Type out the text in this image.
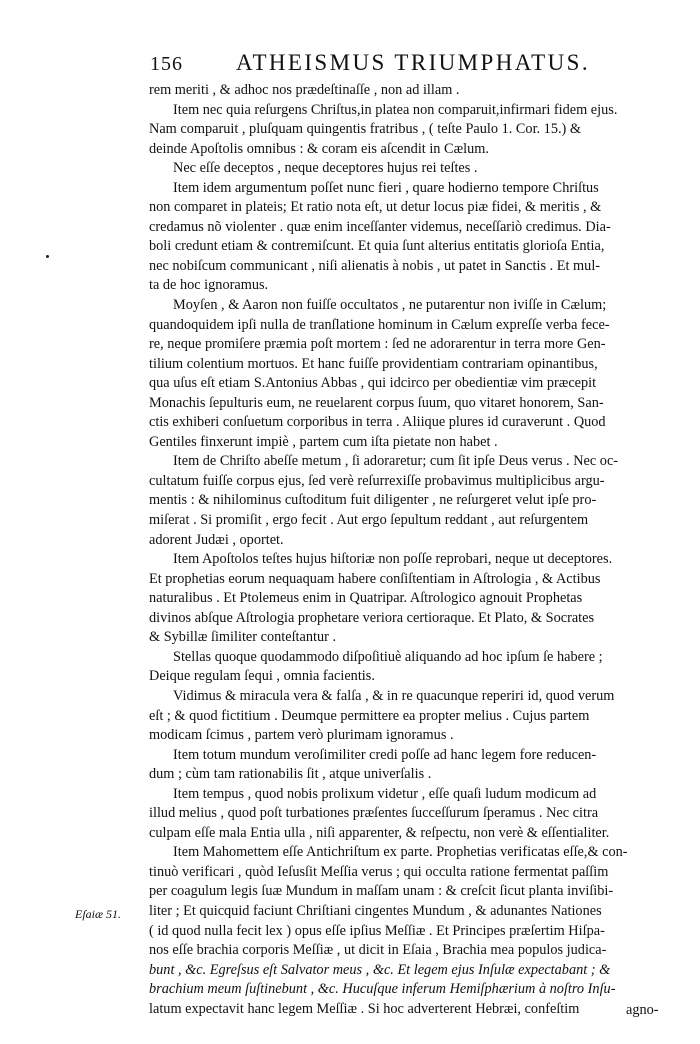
156 ATHEISMUS TRIUMPHATUS.
rem meriti , & adhoc nos prædeſtinaſſe , non ad illam .
Item nec quia reſurgens Chriſtus,in platea non comparuit,infirmari fidem ejus.
Nam comparuit , pluſquam quingentis fratribus , ( teſte Paulo 1. Cor. 15.) &
deinde Apoſtolis omnibus : & coram eis aſcendit in Cælum.
Nec eſſe deceptos , neque deceptores hujus rei teſtes .
Item idem argumentum poſſet nunc fieri , quare hodierno tempore Chriſtus
non comparet in plateis; Et ratio nota eſt, ut detur locus piæ fidei, & meritis , &
credamus nõ violenter . quæ enim inceſſanter videmus, neceſſariò credimus. Dia-
boli credunt etiam & contremiſcunt. Et quia ſunt alterius entitatis glorioſa Entia,
nec nobiſcum communicant , niſi alienatis à nobis , ut patet in Sanctis . Et mul-
ta de hoc ignoramus.
Moyſen , & Aaron non fuiſſe occultatos , ne putarentur non iviſſe in Cælum;
quandoquidem ipſi nulla de tranſlatione hominum in Cælum expreſſe verba fece-
re, neque promiſere præmia poſt mortem : ſed ne adorarentur in terra more Gen-
tilium colentium mortuos. Et hanc fuiſſe providentiam contrariam opinantibus,
qua uſus eſt etiam S.Antonius Abbas , qui idcirco per obedientiæ vim præcepit
Monachis ſepulturis eum, ne reuelarent corpus ſuum, quo vitaret honorem, San-
ctis exhiberi conſuetum corporibus in terra . Aliique plures id curaverunt . Quod
Gentiles finxerunt impiè , partem cum iſta pietate non habet .
Item de Chriſto abeſſe metum , ſi adoraretur; cum ſit ipſe Deus verus . Nec oc-
cultatum fuiſſe corpus ejus, ſed verè reſurrexiſſe probavimus multiplicibus argu-
mentis : & nihilominus cuſtoditum fuit diligenter , ne reſurgeret velut ipſe pro-
miſerat . Si promiſit , ergo fecit . Aut ergo ſepultum reddant , aut reſurgentem
adorent Judæi , oportet.
Item Apoſtolos teſtes hujus hiſtoriæ non poſſe reprobari, neque ut deceptores.
Et prophetias eorum nequaquam habere conſiſtentiam in Aſtrologia , & Actibus
naturalibus . Et Ptolemeus enim in Quatripar. Aſtrologico agnouit Prophetas
divinos abſque Aſtrologia prophetare veriora certioraque. Et Plato, & Socrates
& Sybillæ ſimiliter conteſtantur .
Stellas quoque quodammodo diſpoſitiuè aliquando ad hoc ipſum ſe habere ;
Deique regulam ſequi , omnia facientis.
Vidimus & miracula vera & falſa , & in re quacunque reperiri id, quod verum
eſt ; & quod fictitium . Deumque permittere ea propter melius . Cujus partem
modicam ſcimus , partem verò plurimam ignoramus .
Item totum mundum veroſimiliter credi poſſe ad hanc legem fore reducen-
dum ; cùm tam rationabilis ſit , atque univerſalis .
Item tempus , quod nobis prolixum videtur , eſſe quaſi ludum modicum ad
illud melius , quod poſt turbationes præſentes ſucceſſurum ſperamus . Nec citra
culpam eſſe mala Entia ulla , niſi apparenter, & reſpectu, non verè & eſſentialiter.
Item Mahomettem eſſe Antichriſtum ex parte. Prophetias verificatas eſſe,& con-
tinuò verificari , quòd Ieſusſit Meſſia verus ; qui occulta ratione fermentat paſſim
per coagulum legis ſuæ Mundum in maſſam unam : & creſcit ſicut planta inviſibi-
liter ; Et quicquid faciunt Chriſtiani cingentes Mundum , & adunantes Nationes
( id quod nulla fecit lex ) opus eſſe ipſius Meſſiæ . Et Principes præſertim Hiſpa-
nos eſſe brachia corporis Meſſiæ , ut dicit in Eſaia , Brachia mea populos judica-
bunt , &c. Egreſsus eſt Salvator meus , &c. Et legem ejus Inſulæ expectabant ; &
brachium meum ſuſtinebunt , &c. Hucuſque inferum Hemiſphærium à noſtro Inſu-
latum expectavit hanc legem Meſſiæ . Si hoc adverterent Hebræi, confeſtim
Eſaiæ 51.
agno-
